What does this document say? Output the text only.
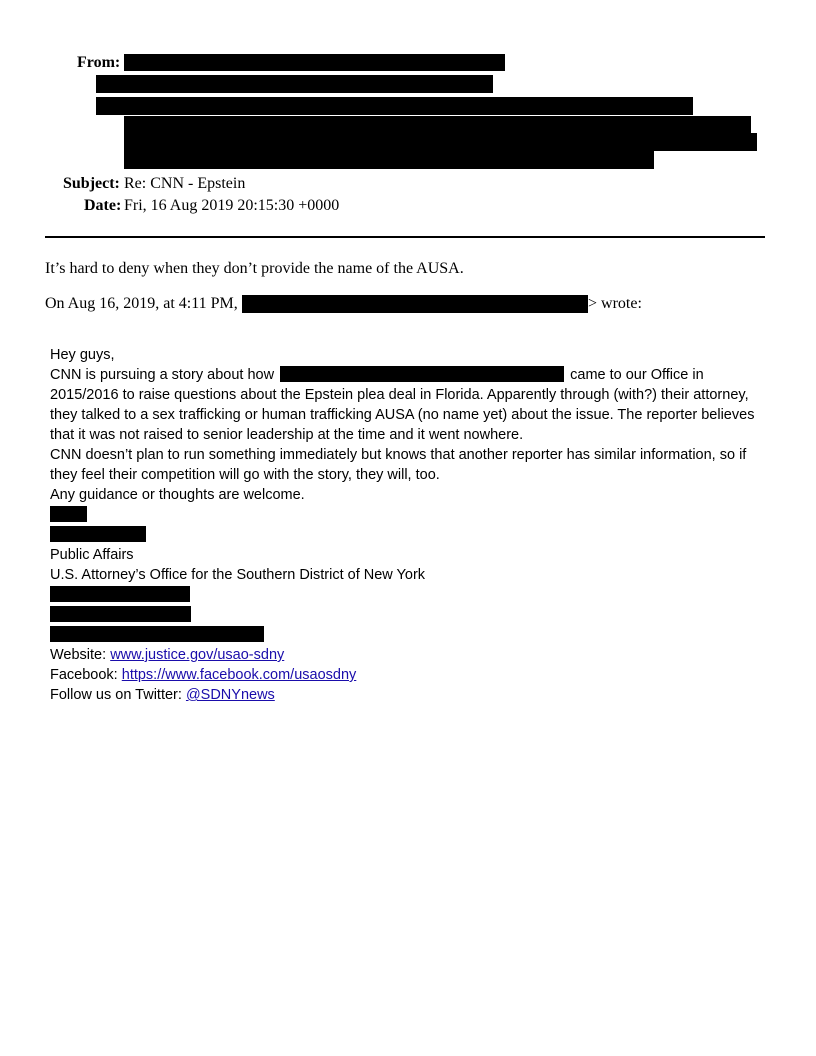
From:
Subject: Re: CNN - Epstein
Date: Fri, 16 Aug 2019 20:15:30 +0000
It’s hard to deny when they don’t provide the name of the AUSA.
On Aug 16, 2019, at 4:11 PM,	> wrote:
Hey guys,
CNN is pursuing a story about how	came to our Office in
2015/2016 to raise questions about the Epstein plea deal in Florida. Apparently through (with?) their attorney,
they talked to a sex trafficking or human trafficking AUSA (no name yet) about the issue. The reporter believes
that it was not raised to senior leadership at the time and it went nowhere.
CNN doesn’t plan to run something immediately but knows that another reporter has similar information, so if
they feel their competition will go with the story, they will, too.
Any guidance or thoughts are welcome.
Public Affairs
U.S. Attorney’s Office for the Southern District of New York
Website: www.justice.gov/usao-sdny
Facebook: https://www.facebook.com/usaosdny
Follow us on Twitter: @SDNYnews
